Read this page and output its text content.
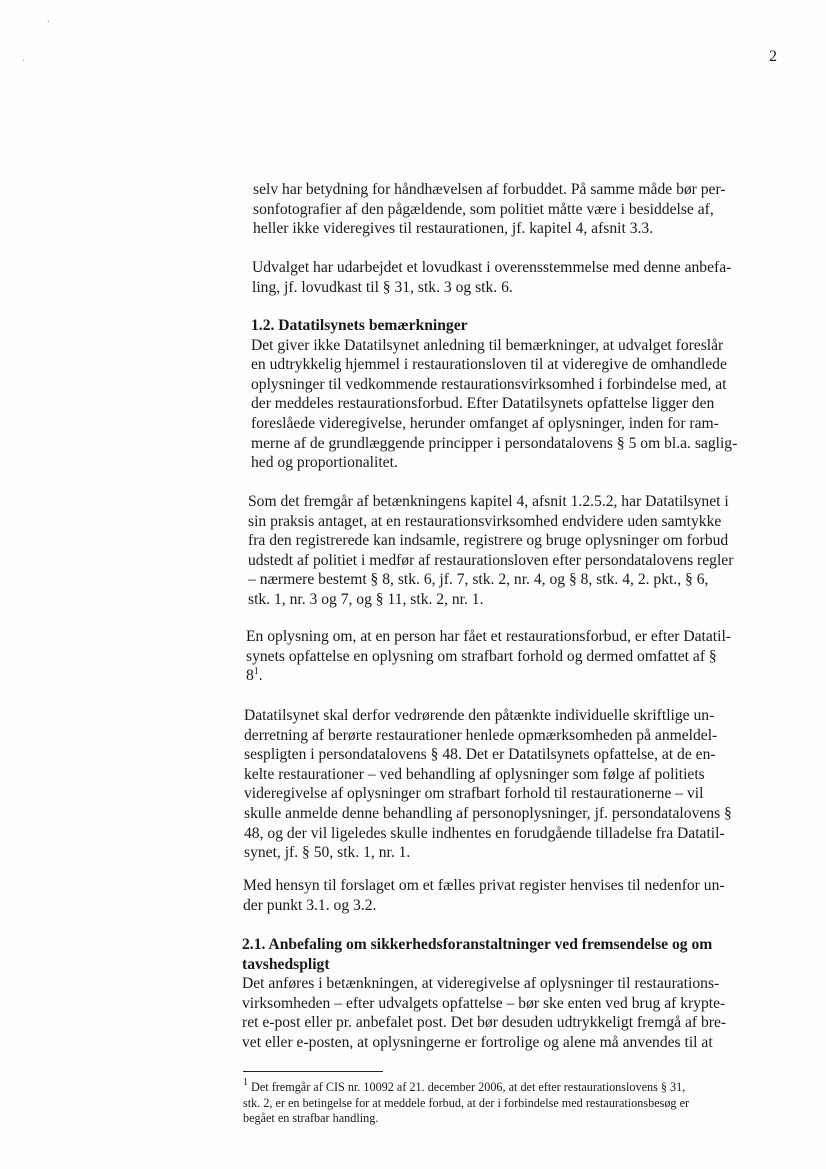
2
.
·
selv har betydning for håndhævelsen af forbuddet. På samme måde bør per-
sonfotografier af den pågældende, som politiet måtte være i besiddelse af,
heller ikke videregives til restaurationen, jf. kapitel 4, afsnit 3.3.
Udvalget har udarbejdet et lovudkast i overensstemmelse med denne anbefa-
ling, jf. lovudkast til § 31, stk. 3 og stk. 6.
1.2. Datatilsynets bemærkninger
Det giver ikke Datatilsynet anledning til bemærkninger, at udvalget foreslår
en udtrykkelig hjemmel i restaurationsloven til at videregive de omhandlede
oplysninger til vedkommende restaurationsvirksomhed i forbindelse med, at
der meddeles restaurationsforbud. Efter Datatilsynets opfattelse ligger den
foreslåede videregivelse, herunder omfanget af oplysninger, inden for ram-
merne af de grundlæggende principper i persondatalovens § 5 om bl.a. saglig-
hed og proportionalitet.
Som det fremgår af betænkningens kapitel 4, afsnit 1.2.5.2, har Datatilsynet i
sin praksis antaget, at en restaurationsvirksomhed endvidere uden samtykke
fra den registrerede kan indsamle, registrere og bruge oplysninger om forbud
udstedt af politiet i medfør af restaurationsloven efter persondatalovens regler
– nærmere bestemt § 8, stk. 6, jf. 7, stk. 2, nr. 4, og § 8, stk. 4, 2. pkt., § 6,
stk. 1, nr. 3 og 7, og § 11, stk. 2, nr. 1.
En oplysning om, at en person har fået et restaurationsforbud, er efter Datatil-
synets opfattelse en oplysning om strafbart forhold og dermed omfattet af §
$8^1$.
Datatilsynet skal derfor vedrørende den påtænkte individuelle skriftlige un-
derretning af berørte restaurationer henlede opmærksomheden på anmeldel-
sespligten i persondatalovens § 48. Det er Datatilsynets opfattelse, at de en-
kelte restaurationer – ved behandling af oplysninger som følge af politiets
videregivelse af oplysninger om strafbart forhold til restaurationerne – vil
skulle anmelde denne behandling af personoplysninger, jf. persondatalovens §
48, og der vil ligeledes skulle indhentes en forudgående tilladelse fra Datatil-
synet, jf. § 50, stk. 1, nr. 1.
Med hensyn til forslaget om et fælles privat register henvises til nedenfor un-
der punkt 3.1. og 3.2.
2.1. Anbefaling om sikkerhedsforanstaltninger ved fremsendelse og om
tavshedspligt
Det anføres i betænkningen, at videregivelse af oplysninger til restaurations-
virksomheden – efter udvalgets opfattelse – bør ske enten ved brug af krypte-
ret e-post eller pr. anbefalet post. Det bør desuden udtrykkeligt fremgå af bre-
vet eller e-posten, at oplysningerne er fortrolige og alene må anvendes til at
$^1$ Det fremgår af CIS nr. 10092 af 21. december 2006, at det efter restaurationslovens § 31,
stk. 2, er en betingelse for at meddele forbud, at der i forbindelse med restaurationsbesøg er
begået en strafbar handling.
